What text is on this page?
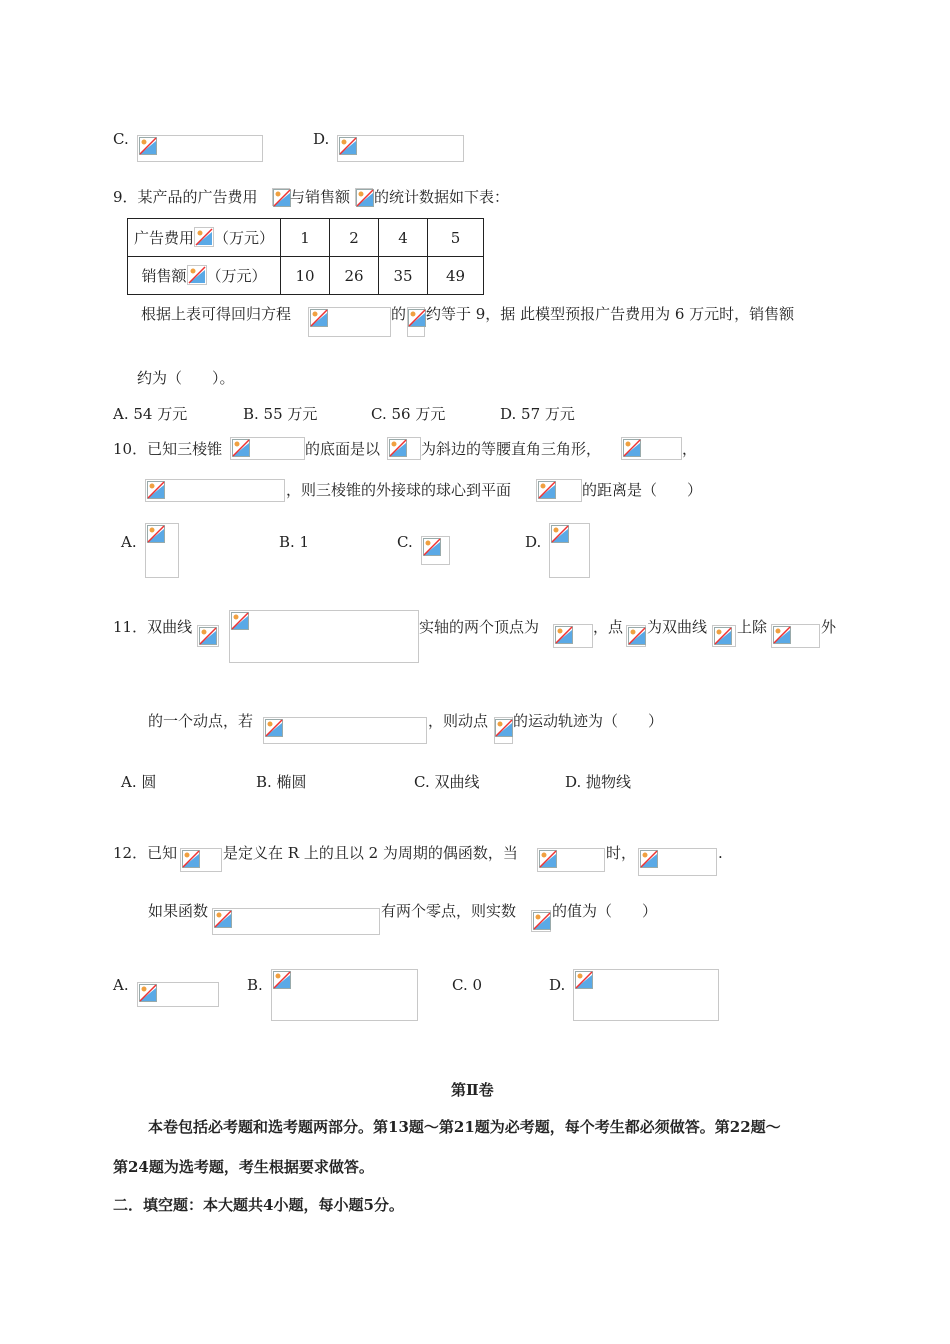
C.	D.
9．某产品的广告费用 与销售额 的统计数据如下表：
广告费用 （万元）	1	2	4	5
销售额 （万元）	10	26	35	49
根据上表可得回归方程	的 约等于 9，据 此模型预报广告费用为 6 万元时，销售额
约为（　　）。
A. 54 万元	B. 55 万元	C. 56 万元	D. 57 万元
10．已知三棱锥	的底面是以	为斜边的等腰直角三角形，	，
，则三棱锥的外接球的球心到平面	的距离是（　　）
A.	B. 1	C.	D.
11．双曲线	实轴的两个顶点为	，点 为双曲线 上除	外
的一个动点，若	，则动点 的运动轨迹为（　　）
A. 圆	B. 椭圆	C. 双曲线	D. 抛物线
12．已知	是定义在 R 上的且以 2 为周期的偶函数，当	时，	.
如果函数	有两个零点，则实数 的值为（　　）
A.	B.	C. 0	D.
第Ⅱ卷
本卷包括必考题和选考题两部分。第13题～第21题为必考题，每个考生都必须做答。第22题～
第24题为选考题，考生根据要求做答。
二．填空题：本大题共4小题，每小题5分。
